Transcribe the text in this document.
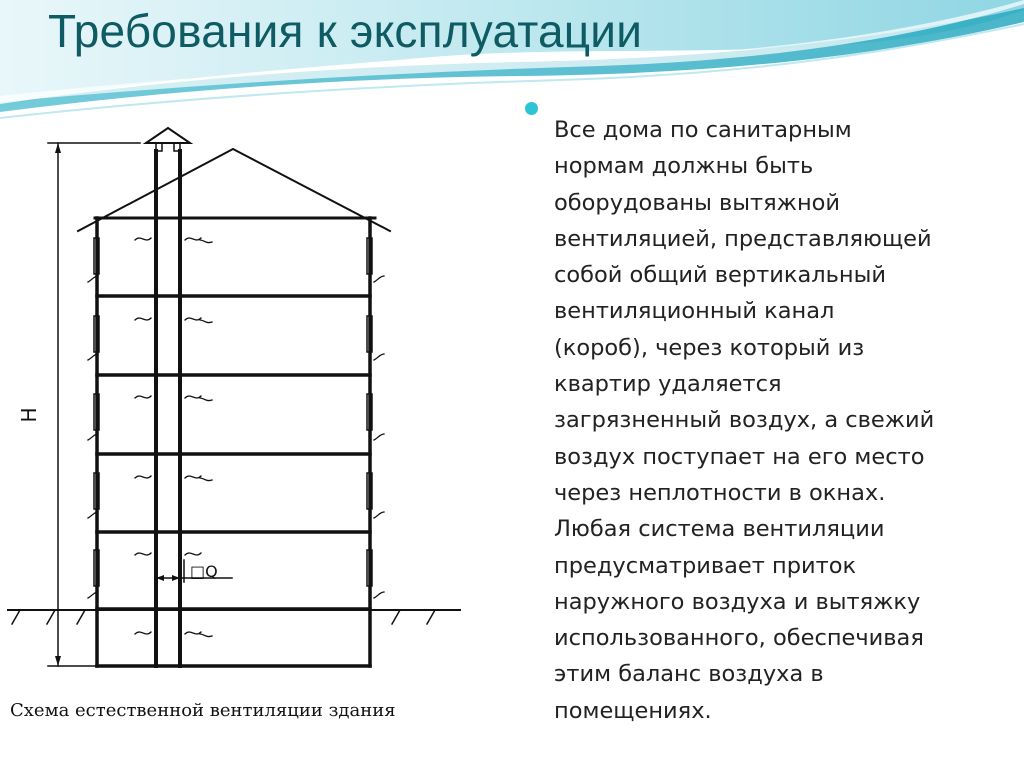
Требования к эксплуатации
Все дома по санитарным
нормам должны быть
оборудованы вытяжной
вентиляцией, представляющей
собой общий вертикальный
вентиляционный канал
(короб), через который из
квартир удаляется
загрязненный воздух, а свежий
воздух поступает на его место
через неплотности в окнах.
Любая система вентиляции
предусматривает приток
наружного воздуха и вытяжку
использованного, обеспечивая
этим баланс воздуха в
помещениях.
H
□Q
Схема естественной вентиляции здания
